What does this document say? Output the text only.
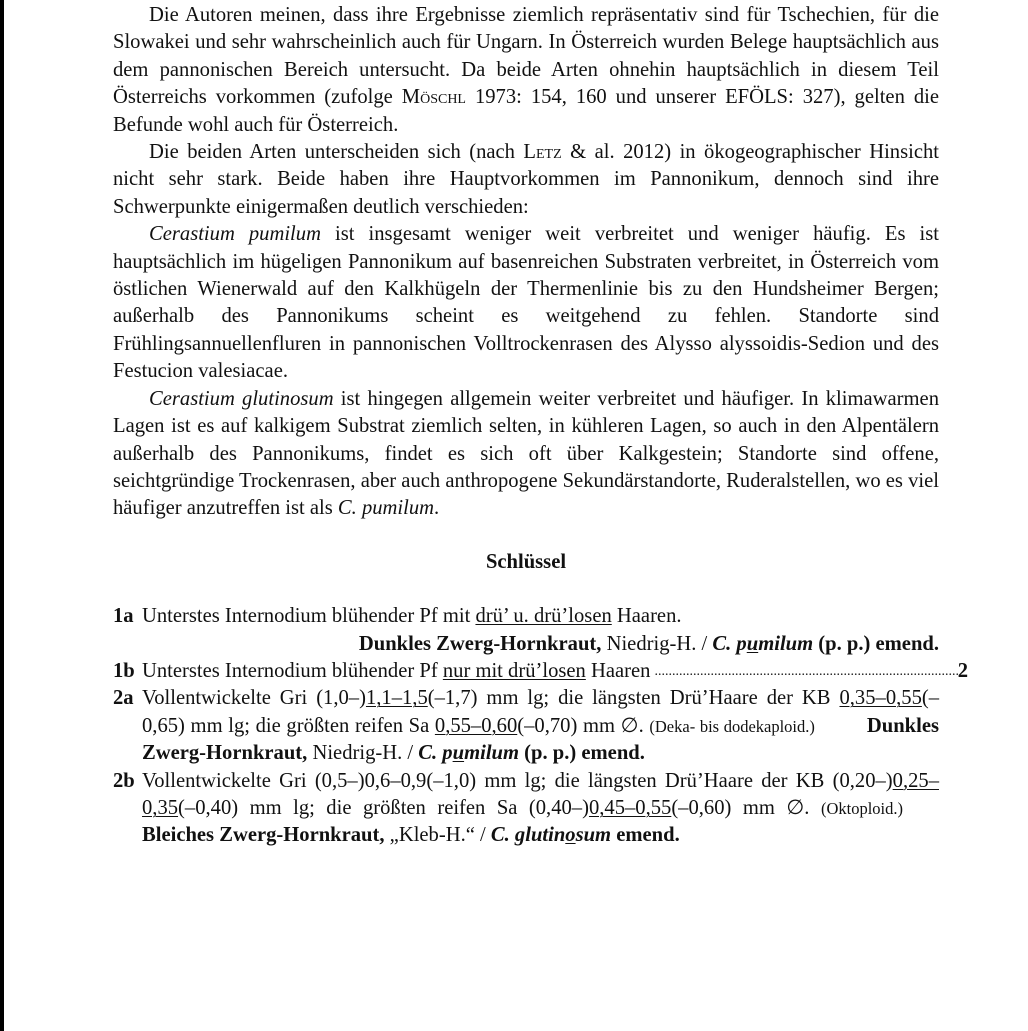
Die Autoren meinen, dass ihre Ergebnisse ziemlich repräsentativ sind für Tschechien, für die Slowakei und sehr wahrscheinlich auch für Ungarn. In Österreich wurden Belege hauptsächlich aus dem pannonischen Bereich untersucht. Da beide Arten ohnehin hauptsächlich in diesem Teil Österreichs vorkommen (zufolge Möschl 1973: 154, 160 und unserer EFÖLS: 327), gelten die Befunde wohl auch für Österreich.

Die beiden Arten unterscheiden sich (nach Letz & al. 2012) in ökogeographischer Hinsicht nicht sehr stark. Beide haben ihre Hauptvorkommen im Pannonikum, dennoch sind ihre Schwerpunkte einigermaßen deutlich verschieden:

Cerastium pumilum ist insgesamt weniger weit verbreitet und weniger häufig. Es ist hauptsächlich im hügeligen Pannonikum auf basenreichen Substraten verbreitet, in Österreich vom östlichen Wienerwald auf den Kalkhügeln der Thermenlinie bis zu den Hundsheimer Bergen; außerhalb des Pannonikums scheint es weitgehend zu fehlen. Standorte sind Frühlingsannuellenfluren in pannonischen Volltrockenrasen des Alysso alyssoidis-Sedion und des Festucion valesiacae.

Cerastium glutinosum ist hingegen allgemein weiter verbreitet und häufiger. In klimawarmen Lagen ist es auf kalkigem Substrat ziemlich selten, in kühleren Lagen, so auch in den Alpentälern außerhalb des Pannonikums, findet es sich oft über Kalkgestein; Standorte sind offene, seichtgründige Trockenrasen, aber auch anthropogene Sekundärstandorte, Ruderalstellen, wo es viel häufiger anzutreffen ist als C. pumilum.

Schlüssel
1a Unterstes Internodium blühender Pf mit drü’ u. drü’losen Haaren.
Dunkles Zwerg-Hornkraut, Niedrig-H. / C. pumilum (p. p.) emend.
1b Unterstes Internodium blühender Pf nur mit drü’losen Haaren
.....	2
2a Vollentwickelte Gri (1,0–)1,1–1,5(–1,7) mm lg; die längsten Drü’Haare der KB 0,35–0,55(–0,65) mm lg; die größten reifen Sa 0,55–0,60(–0,70) mm ∅. (Deka- bis dodekaploid.)	Dunkles Zwerg-Hornkraut, Niedrig-H. / C. pumilum (p. p.) emend.
2b Vollentwickelte Gri (0,5–)0,6–0,9(–1,0) mm lg; die längsten Drü’Haare der KB (0,20–)0,25–0,35(–0,40) mm lg; die größten reifen Sa (0,40–)0,45–0,55(–0,60) mm ∅. (Oktoploid.)Bleiches Zwerg-Hornkraut, „Kleb-H.“ / C. glutinosum emend.
